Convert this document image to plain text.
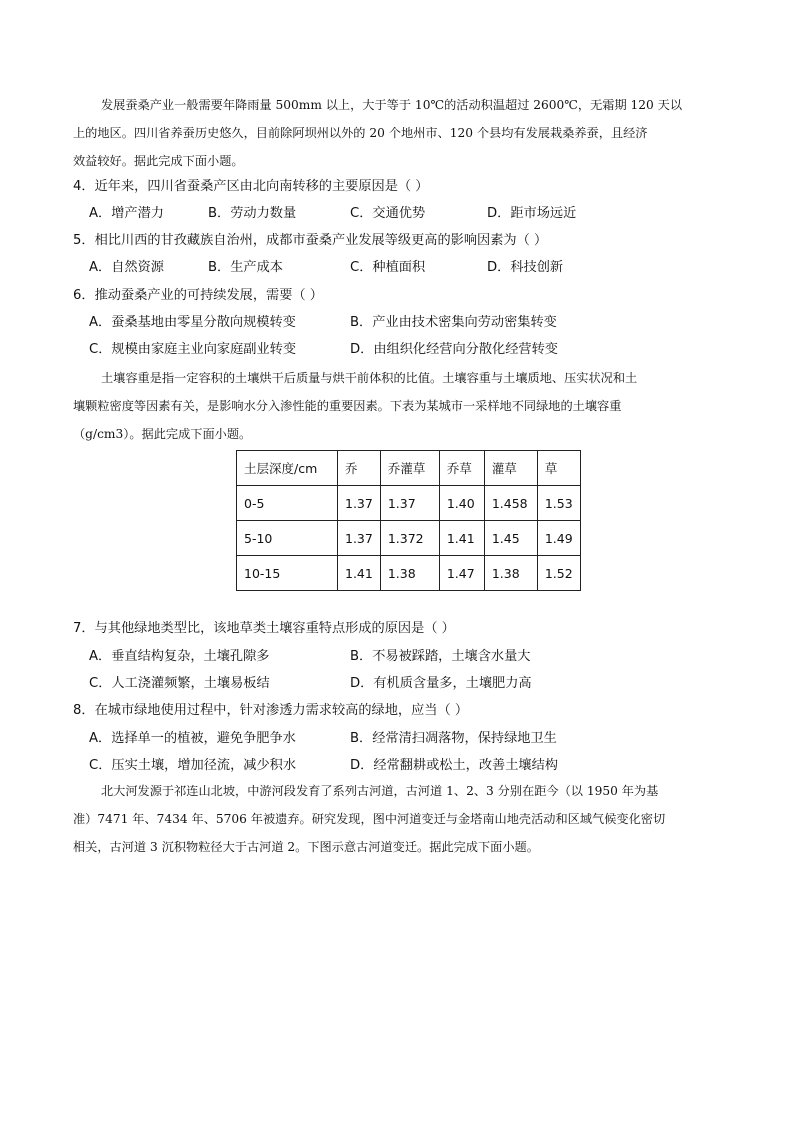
发展蚕桑产业一般需要年降雨量 500mm 以上，大于等于 10℃的活动积温超过 2600℃，无霜期 120 天以
上的地区。四川省养蚕历史悠久，目前除阿坝州以外的 20 个地州市、120 个县均有发展栽桑养蚕，且经济
效益较好。据此完成下面小题。
4．近年来，四川省蚕桑产区由北向南转移的主要原因是（ ）
A．增产潜力	B．劳动力数量	C．交通优势	D．距市场远近
5．相比川西的甘孜藏族自治州，成都市蚕桑产业发展等级更高的影响因素为（ ）
A．自然资源	B．生产成本	C．种植面积	D．科技创新
6．推动蚕桑产业的可持续发展，需要（ ）
A．蚕桑基地由零星分散向规模转变	B．产业由技术密集向劳动密集转变
C．规模由家庭主业向家庭副业转变	D．由组织化经营向分散化经营转变
土壤容重是指一定容积的土壤烘干后质量与烘干前体积的比值。土壤容重与土壤质地、压实状况和土
壤颗粒密度等因素有关，是影响水分入渗性能的重要因素。下表为某城市一采样地不同绿地的土壤容重
（g/cm3）。据此完成下面小题。
土层深度/cm	乔	乔灌草	乔草	灌草	草
0-5	1.37	1.37	1.40	1.458	1.53
5-10	1.37	1.372	1.41	1.45	1.49
10-15	1.41	1.38	1.47	1.38	1.52
7．与其他绿地类型比，该地草类土壤容重特点形成的原因是（ ）
A．垂直结构复杂，土壤孔隙多	B．不易被踩踏，土壤含水量大
C．人工浇灌频繁，土壤易板结	D．有机质含量多，土壤肥力高
8．在城市绿地使用过程中，针对渗透力需求较高的绿地，应当（ ）
A．选择单一的植被，避免争肥争水	B．经常清扫凋落物，保持绿地卫生
C．压实土壤，增加径流，减少积水	D．经常翻耕或松土，改善土壤结构
北大河发源于祁连山北坡，中游河段发育了系列古河道，古河道 1、2、3 分别在距今（以 1950 年为基
准）7471 年、7434 年、5706 年被遗弃。研究发现，图中河道变迁与金塔南山地壳活动和区域气候变化密切
相关，古河道 3 沉积物粒径大于古河道 2。下图示意古河道变迁。据此完成下面小题。
